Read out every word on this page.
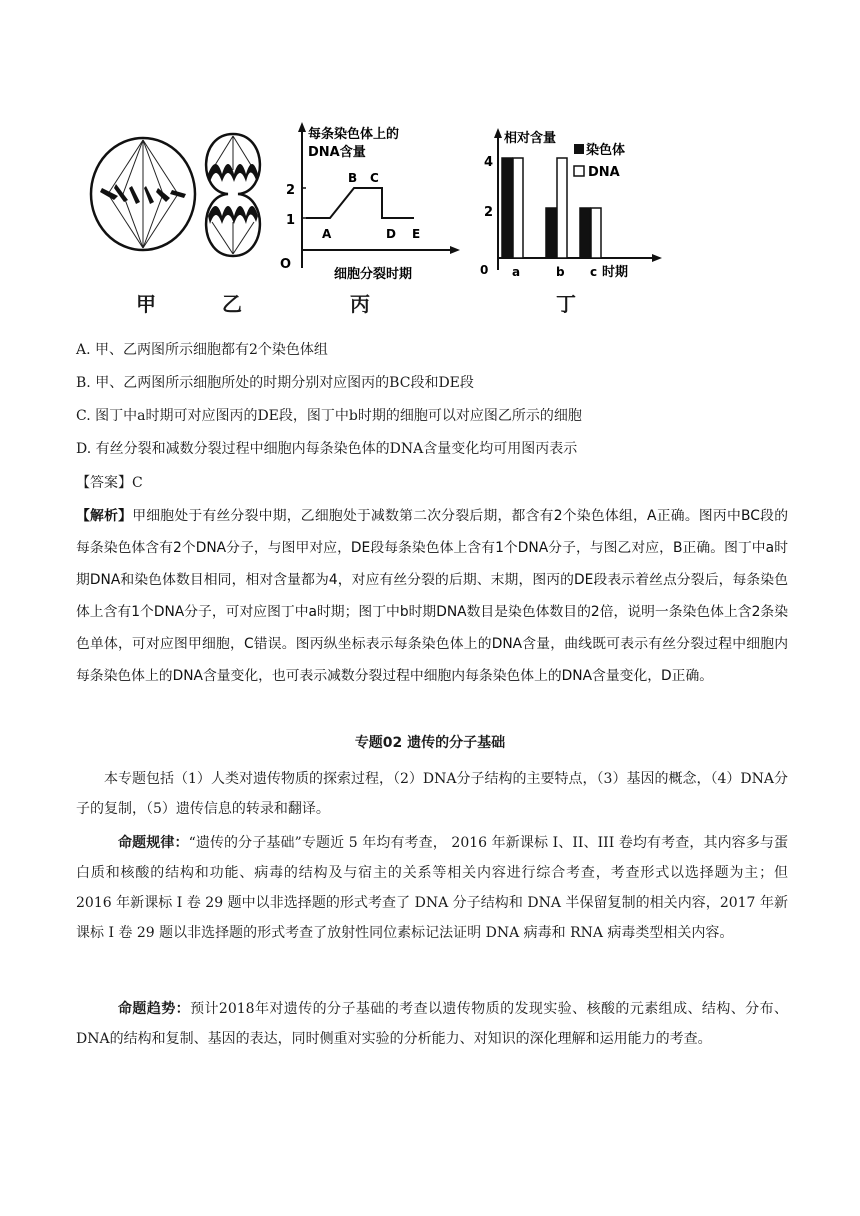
甲	乙
每条染色体上的
DNA含量
2
1
O
A
B C
D E
细胞分裂时期
丙
相对含量
染色体
DNA
4
2
0 a	b c 时期
丁
A. 甲、乙两图所示细胞都有2个染色体组
B. 甲、乙两图所示细胞所处的时期分别对应图丙的BC段和DE段
C. 图丁中a时期可对应图丙的DE段，图丁中b时期的细胞可以对应图乙所示的细胞
D. 有丝分裂和减数分裂过程中细胞内每条染色体的DNA含量变化均可用图丙表示
【答案】C
【解析】甲细胞处于有丝分裂中期，乙细胞处于减数第二次分裂后期，都含有2个染色体组，A正确。图丙中BC段的每条染色体含有2个DNA分子，与图甲对应，DE段每条染色体上含有1个DNA分子，与图乙对应，B正确。图丁中a时期DNA和染色体数目相同，相对含量都为4，对应有丝分裂的后期、末期，图丙的DE段表示着丝点分裂后，每条染色体上含有1个DNA分子，可对应图丁中a时期；图丁中b时期DNA数目是染色体数目的2倍，说明一条染色体上含2条染色单体，可对应图甲细胞，C错误。图丙纵坐标表示每条染色体上的DNA含量，曲线既可表示有丝分裂过程中细胞内每条染色体上的DNA含量变化，也可表示减数分裂过程中细胞内每条染色体上的DNA含量变化，D正确。
专题02 遗传的分子基础
本专题包括（1）人类对遗传物质的探索过程，（2）DNA分子结构的主要特点，（3）基因的概念，（4）DNA分子的复制，（5）遗传信息的转录和翻译。
命题规律：“遗传的分子基础”专题近 5 年均有考查， 2016 年新课标 I、II、III 卷均有考查，其内容多与蛋白质和核酸的结构和功能、病毒的结构及与宿主的关系等相关内容进行综合考查，考查形式以选择题为主；但 2016 年新课标 I 卷 29 题中以非选择题的形式考查了 DNA 分子结构和 DNA 半保留复制的相关内容，2017 年新课标 I 卷 29 题以非选择题的形式考查了放射性同位素标记法证明 DNA 病毒和 RNA 病毒类型相关内容。
命题趋势：预计2018年对遗传的分子基础的考查以遗传物质的发现实验、核酸的元素组成、结构、分布、DNA的结构和复制、基因的表达，同时侧重对实验的分析能力、对知识的深化理解和运用能力的考查。
